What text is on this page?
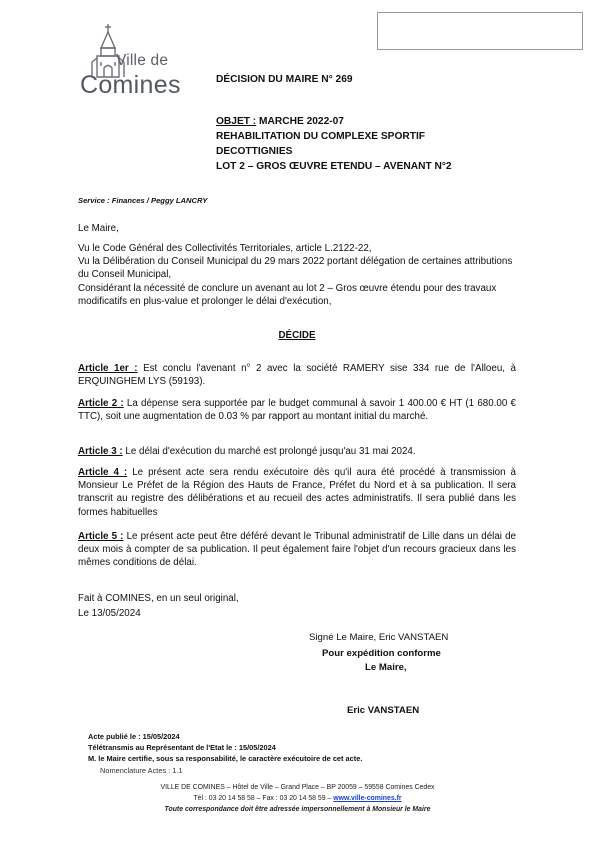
Ville de
Comines	DÉCISION DU MAIRE N° 269
OBJET : MARCHE 2022-07
REHABILITATION DU COMPLEXE SPORTIF
DECOTTIGNIES
LOT 2 – GROS ŒUVRE ETENDU – AVENANT N°2
Service : Finances / Peggy LANCRY
Le Maire,
Vu le Code Général des Collectivités Territoriales, article L.2122-22,
Vu la Délibération du Conseil Municipal du 29 mars 2022 portant délégation de certaines attributions du Conseil Municipal,
Considérant la nécessité de conclure un avenant au lot 2 – Gros œuvre étendu pour des travaux modificatifs en plus-value et prolonger le délai d'exécution,
DÉCIDE
Article 1er : Est conclu l'avenant n° 2 avec la société RAMERY sise 334 rue de l'Alloeu, à ERQUINGHEM LYS (59193).
Article 2 : La dépense sera supportée par le budget communal à savoir 1 400.00 € HT (1 680.00 € TTC), soit une augmentation de 0.03 % par rapport au montant initial du marché.
Article 3 : Le délai d'exécution du marché est prolongé jusqu'au 31 mai 2024.
Article 4 : Le présent acte sera rendu exécutoire dès qu'il aura été procédé à transmission à Monsieur Le Préfet de la Région des Hauts de France, Préfet du Nord et à sa publication. Il sera transcrit au registre des délibérations et au recueil des actes administratifs. Il sera publié dans les formes habituelles
Article 5 : Le présent acte peut être déféré devant le Tribunal administratif de Lille dans un délai de deux mois à compter de sa publication. Il peut également faire l'objet d'un recours gracieux dans les mêmes conditions de délai.
Fait à COMINES, en un seul original,
Le 13/05/2024
Signé Le Maire, Eric VANSTAEN
Pour expédition conforme
Le Maire,
Eric VANSTAEN
Acte publié le : 15/05/2024
Télétransmis au Représentant de l'Etat le : 15/05/2024
M. le Maire certifie, sous sa responsabilité, le caractère exécutoire de cet acte.
Nomenclature Actes : 1.1
VILLE DE COMINES – Hôtel de Ville – Grand Place – BP 20059 – 59558 Comines Cedex
Tél : 03 20 14 58 58 – Fax : 03 20 14 58 59 – www.ville-comines.fr
Toute correspondance doit être adressée impersonnellement à Monsieur le Maire
